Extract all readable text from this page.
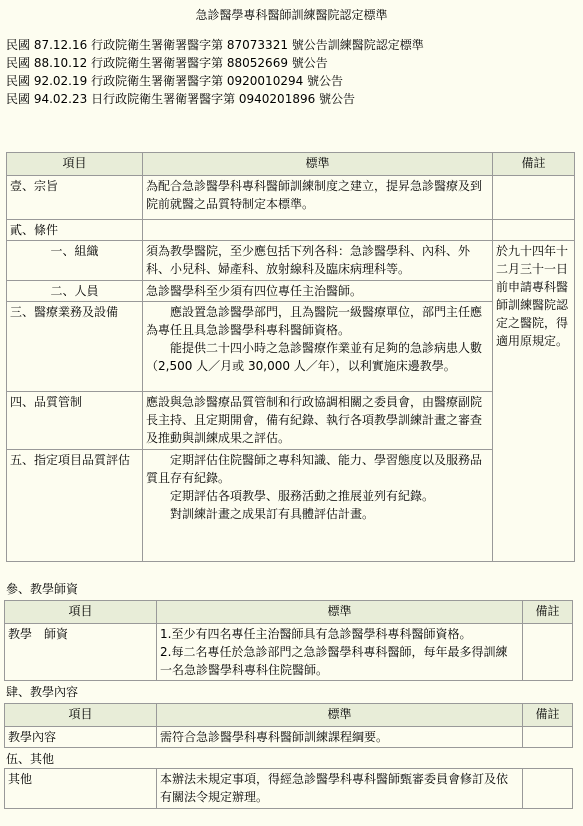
急診醫學專科醫師訓練醫院認定標準
民國 87.12.16 行政院衛生署衛署醫字第 87073321 號公告訓練醫院認定標準
民國 88.10.12 行政院衛生署衛署醫字第 88052669 號公告
民國 92.02.19 行政院衛生署衛署醫字第 0920010294 號公告
民國 94.02.23 日行政院衛生署衛署醫字第 0940201896 號公告
項目	標準	備註
壹、宗旨	為配合急診醫學科專科醫師訓練制度之建立，提昇急診醫療及到院前就醫之品質特制定本標準。	
貳、條件		
一、組織	須為教學醫院，至少應包括下列各科：急診醫學科、內科、外科、小兒科、婦產科、放射線科及臨床病理科等。	於九十四年十二月三十一日前申請專科醫師訓練醫院認定之醫院，得適用原規定。
二、人員	急診醫學科至少須有四位專任主治醫師。	
三、醫療業務及設備	應設置急診醫學部門，且為醫院一級醫療單位，部門主任應為專任且具急診醫學科專科醫師資格。
能提供二十四小時之急診醫療作業並有足夠的急診病患人數（2,500 人／月或 30,000 人／年），以利實施床邊教學。	

四、品質管制	應設與急診醫療品質管制和行政協調相關之委員會，由醫療副院長主持、且定期開會，備有紀錄、執行各項教學訓練計畫之審查及推動與訓練成果之評估。	
五、指定項目品質評估	定期評估住院醫師之專科知識、能力、學習態度以及服務品質且存有紀錄。
定期評估各項教學、服務活動之推展並列有紀錄。
對訓練計畫之成果訂有具體評估計畫。	
參、教學師資
項目	標準	備註
教學　師資	1.至少有四名專任主治醫師具有急診醫學科專科醫師資格。
2.每二名專任於急診部門之急診醫學科專科醫師，每年最多得訓練一名急診醫學科專科住院醫師。	

肆、教學內容
項目	標準	備註
教學內容	需符合急診醫學科專科醫師訓練課程綱要。	
伍、其他
其他	本辦法未規定事項，得經急診醫學科專科醫師甄審委員會修訂及依有關法令規定辦理。	
